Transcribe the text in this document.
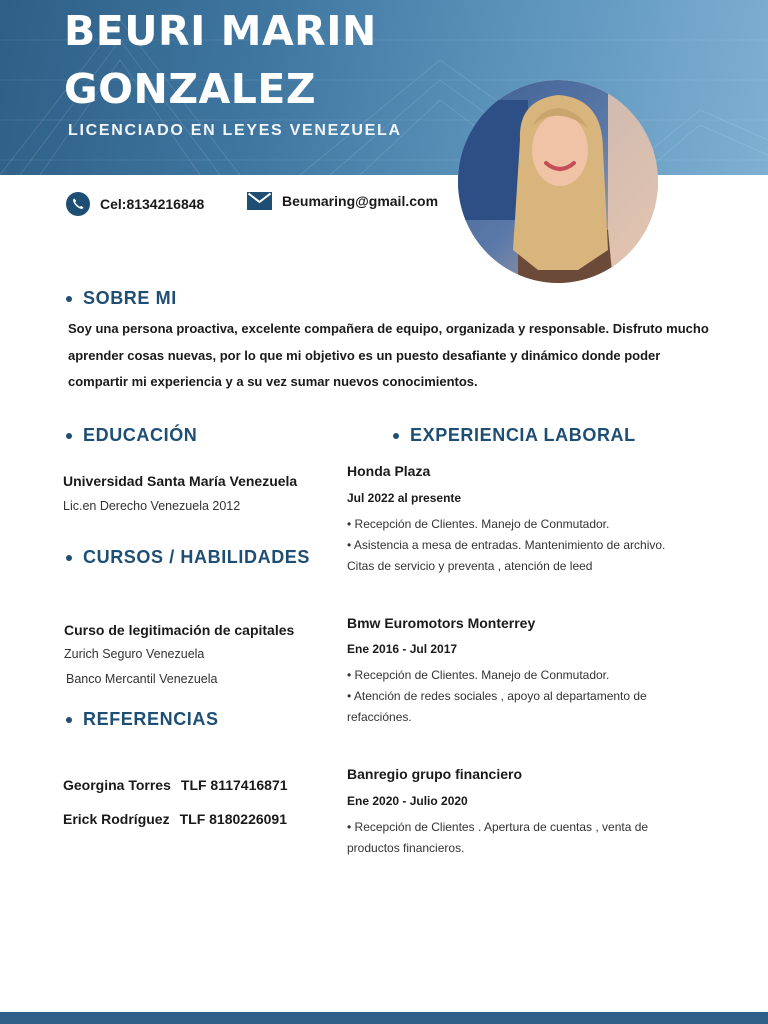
BEURI MARIN
GONZALEZ
LICENCIADO EN LEYES VENEZUELA
Cel:8134216848	Beumaring@gmail.com
SOBRE MI
Soy una persona proactiva, excelente compañera de equipo, organizada y responsable. Disfruto mucho aprender cosas nuevas, por lo que mi objetivo es un puesto desafiante y dinámico donde poder compartir mi experiencia y a su vez sumar nuevos conocimientos.
EDUCACIÓN
Universidad Santa María Venezuela
Lic.en Derecho Venezuela 2012
CURSOS / HABILIDADES
Curso de legitimación de capitales
Zurich Seguro Venezuela
Banco Mercantil Venezuela
REFERENCIAS
Georgina Torres TLF 8117416871
Erick Rodríguez TLF 8180226091
EXPERIENCIA LABORAL
Honda Plaza
Jul 2022 al presente

• Recepción de Clientes. Manejo de Conmutador.

• Asistencia a mesa de entradas. Mantenimiento de archivo. Citas de servicio y preventa , atención de leed

Bmw Euromotors Monterrey
Ene 2016 - Jul 2017

• Recepción de Clientes. Manejo de Conmutador.

• Atención de redes sociales , apoyo al departamento de refacciónes.

Banregio grupo financiero
Ene 2020 - Julio 2020

• Recepción de Clientes . Apertura de cuentas , venta de productos financieros.
